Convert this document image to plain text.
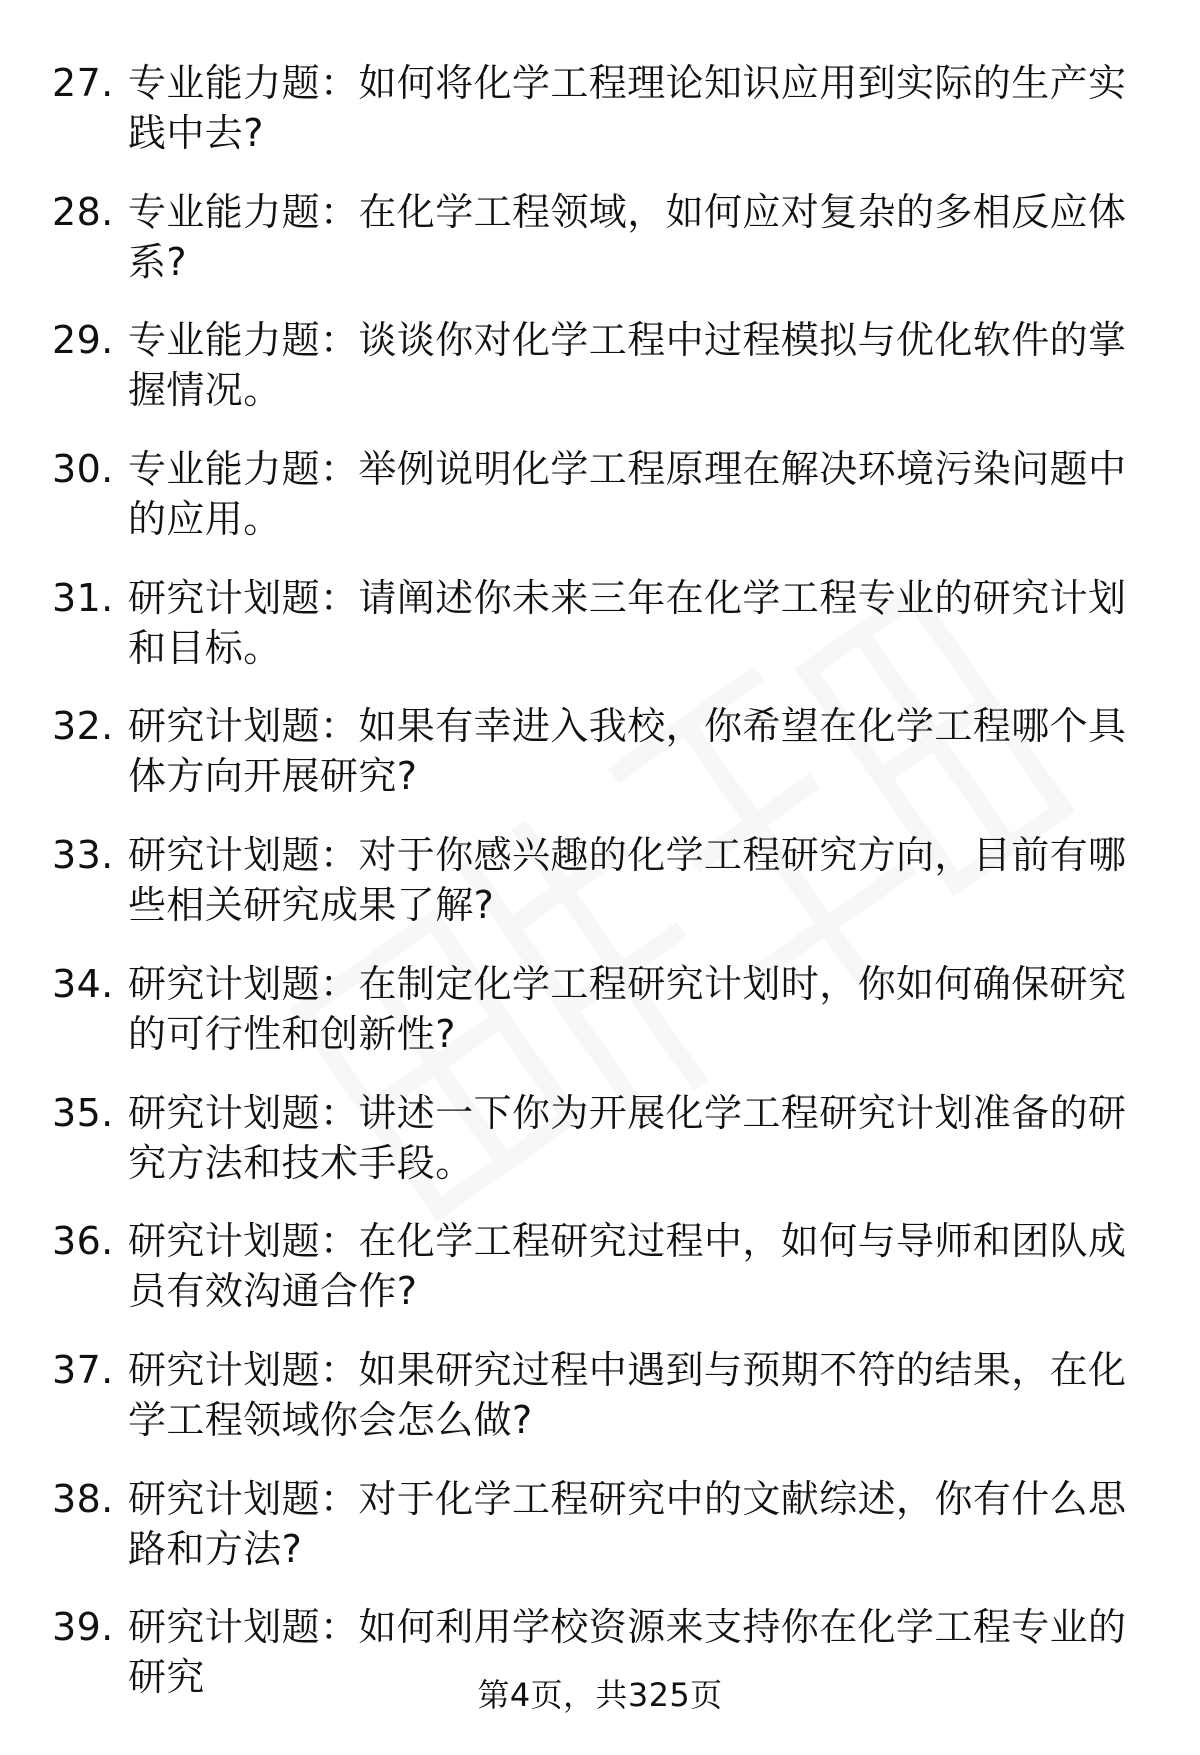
27. 专业能力题：如何将化学工程理论知识应用到实际的生产实践中去?
28. 专业能力题：在化学工程领域，如何应对复杂的多相反应体系?
29. 专业能力题：谈谈你对化学工程中过程模拟与优化软件的掌握情况。
30. 专业能力题：举例说明化学工程原理在解决环境污染问题中的应用。
31. 研究计划题：请阐述你未来三年在化学工程专业的研究计划和目标。
32. 研究计划题：如果有幸进入我校，你希望在化学工程哪个具体方向开展研究?
33. 研究计划题：对于你感兴趣的化学工程研究方向，目前有哪些相关研究成果了解?
34. 研究计划题：在制定化学工程研究计划时，你如何确保研究的可行性和创新性?
35. 研究计划题：讲述一下你为开展化学工程研究计划准备的研究方法和技术手段。
36. 研究计划题：在化学工程研究过程中，如何与导师和团队成员有效沟通合作?
37. 研究计划题：如果研究过程中遇到与预期不符的结果，在化学工程领域你会怎么做?
38. 研究计划题：对于化学工程研究中的文献综述，你有什么思路和方法?
39. 研究计划题：如何利用学校资源来支持你在化学工程专业的研究	第4页，共325页
